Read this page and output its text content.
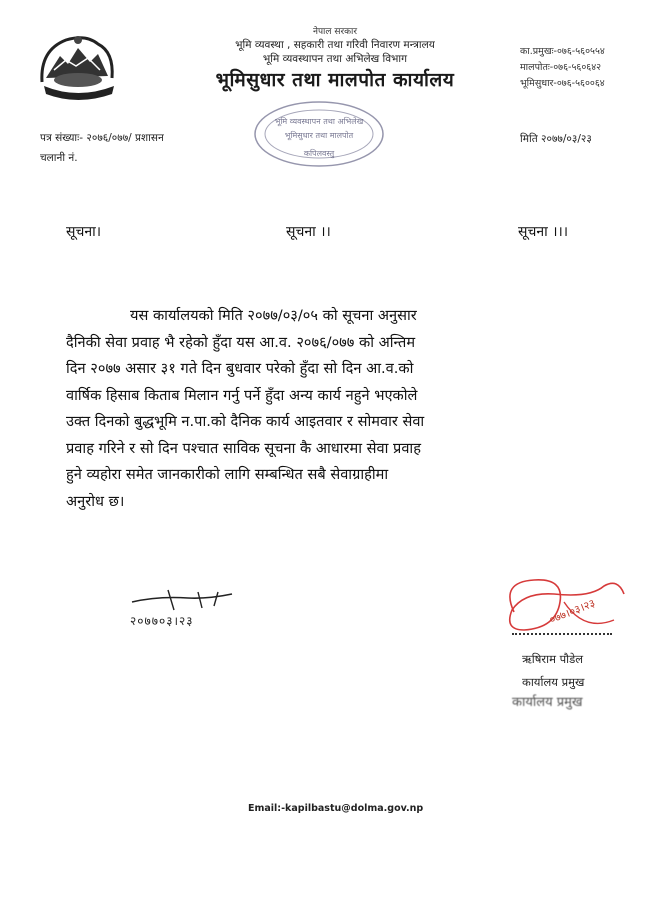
नेपाल सरकार
भूमि व्यवस्था , सहकारी तथा गरिवी निवारण मन्त्रालय
भूमि व्यवस्थापन तथा अभिलेख विभाग
भूमिसुधार तथा मालपोत कार्यालय
का.प्रमुखः-०७६-५६०५५४
मालपोतः-०७६-५६०६४२
भूमिसुधार-०७६-५६००६४
भूमि व्यवस्थापन तथा अभिलेख
भूमिसुधार तथा मालपोत
कपिलवस्तु
पत्र संख्याः- २०७६/०७७/ प्रशासन
चलानी नं.
मिति २०७७/०३/२३
सूचना।	सूचना ।।	सूचना ।।।
यस कार्यालयको मिति २०७७/०३/०५ को सूचना अनुसार
दैनिकी सेवा प्रवाह भै रहेको हुँदा यस आ.व. २०७६/०७७ को अन्तिम
दिन २०७७ असार ३१ गते दिन बुधवार परेको हुँदा सो दिन आ.व.को
वार्षिक हिसाब किताब मिलान गर्नु पर्ने हुँदा अन्य कार्य नहुने भएकोले
उक्त दिनको बुद्धभूमि न.पा.को दैनिक कार्य आइतवार र सोमवार सेवा
प्रवाह गरिने र सो दिन पश्चात साविक सूचना कै आधारमा सेवा प्रवाह
हुने व्यहोरा समेत जानकारीको लागि सम्बन्धित सबै सेवाग्राहीमा
अनुरोध छ।
२०७७०३।२३	०७७।०३।२३
ऋषिराम पौडेल
कार्यालय प्रमुख
कार्यालय प्रमुख
Email:-kapilbastu@dolma.gov.np
